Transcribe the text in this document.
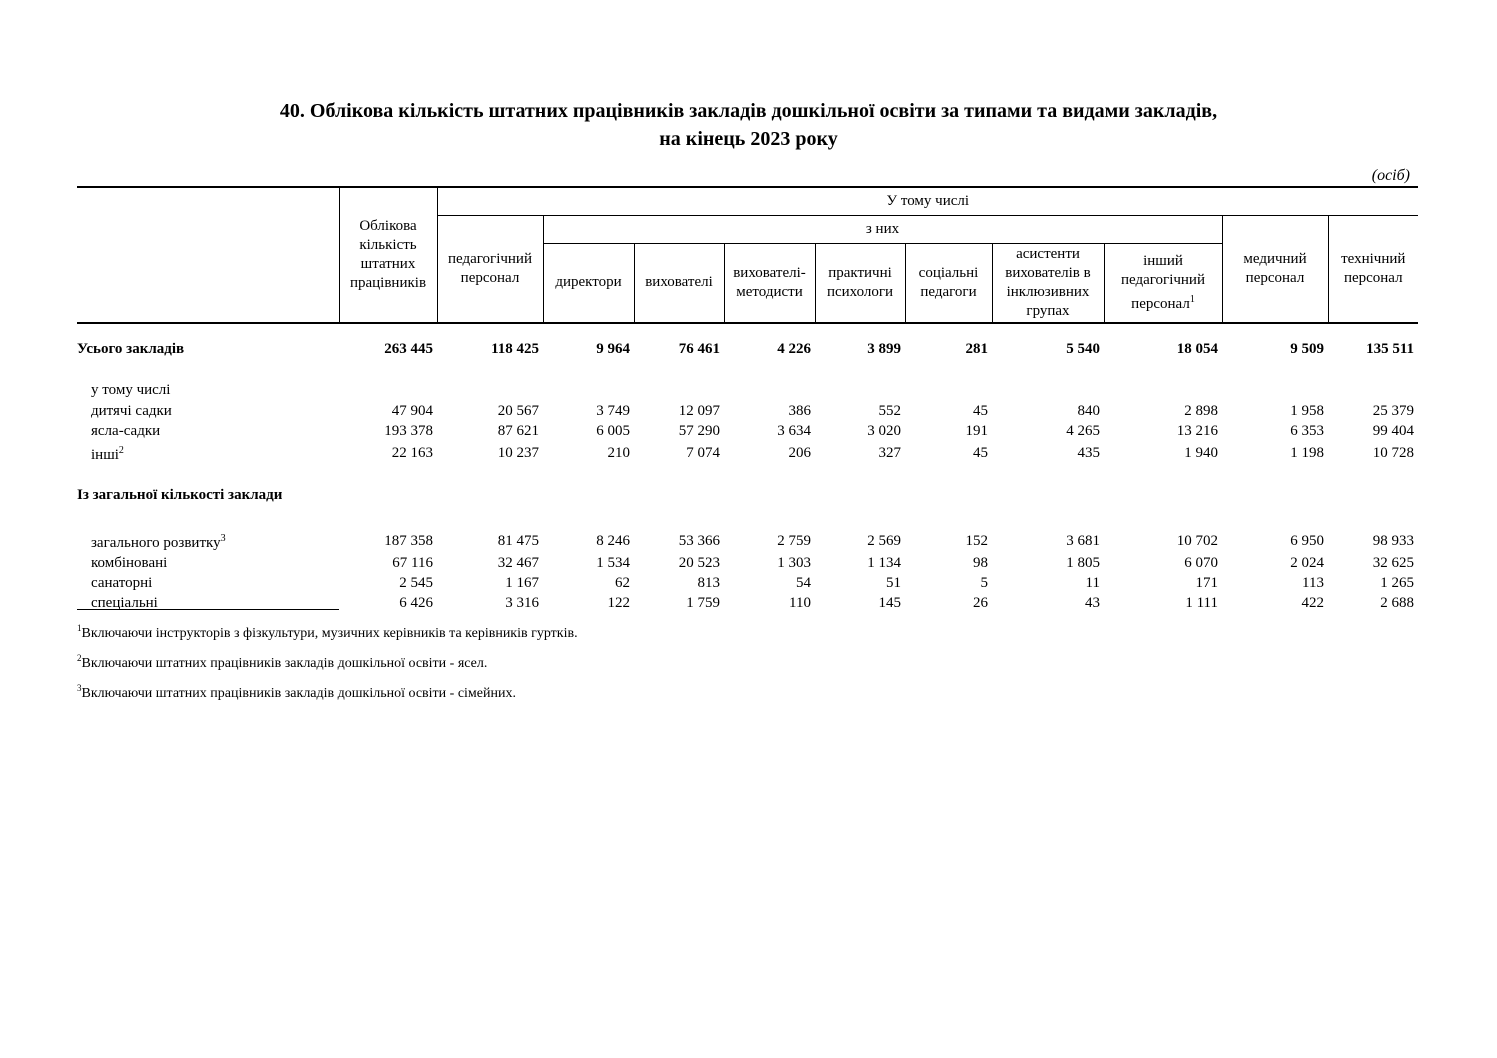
40. Облікова кількість штатних працівників закладів дошкільної освіти за типами та видами закладів,
на кінець 2023 року
(осіб)
	Облікова кількість штатних працівників	У тому числі									
		педагогічний персонал	з них							медичний персонал	технічний персонал
			директори	вихователі	вихователі-методисти	практичні психологи	соціальні педагоги	асистенти вихователів в інклюзивних групах	інший педагогічний персонал$^1$

Усього закладів	263 445	118 425	9 964	76 461	4 226	3 899	281	5 540	18 054	9 509	135 511

у тому числі											
дитячі садки	47 904	20 567	3 749	12 097	386	552	45	840	2 898	1 958	25 379
ясла-садки	193 378	87 621	6 005	57 290	3 634	3 020	191	4 265	13 216	6 353	99 404
інші$^2$	22 163	10 237	210	7 074	206	327	45	435	1 940	1 198	10 728

Із загальної кількості заклади											

загального розвитку$^3$	187 358	81 475	8 246	53 366	2 759	2 569	152	3 681	10 702	6 950	98 933
комбіновані	67 116	32 467	1 534	20 523	1 303	1 134	98	1 805	6 070	2 024	32 625
санаторні	2 545	1 167	62	813	54	51	5	11	171	113	1 265
спеціальні	6 426	3 316	122	1 759	110	145	26	43	1 111	422	2 688
$^1$Включаючи інструкторів з фізкультури, музичних керівників та керівників гуртків.
$^2$Включаючи штатних працівників закладів дошкільної освіти - ясел.
$^3$Включаючи штатних працівників закладів дошкільної освіти - сімейних.
